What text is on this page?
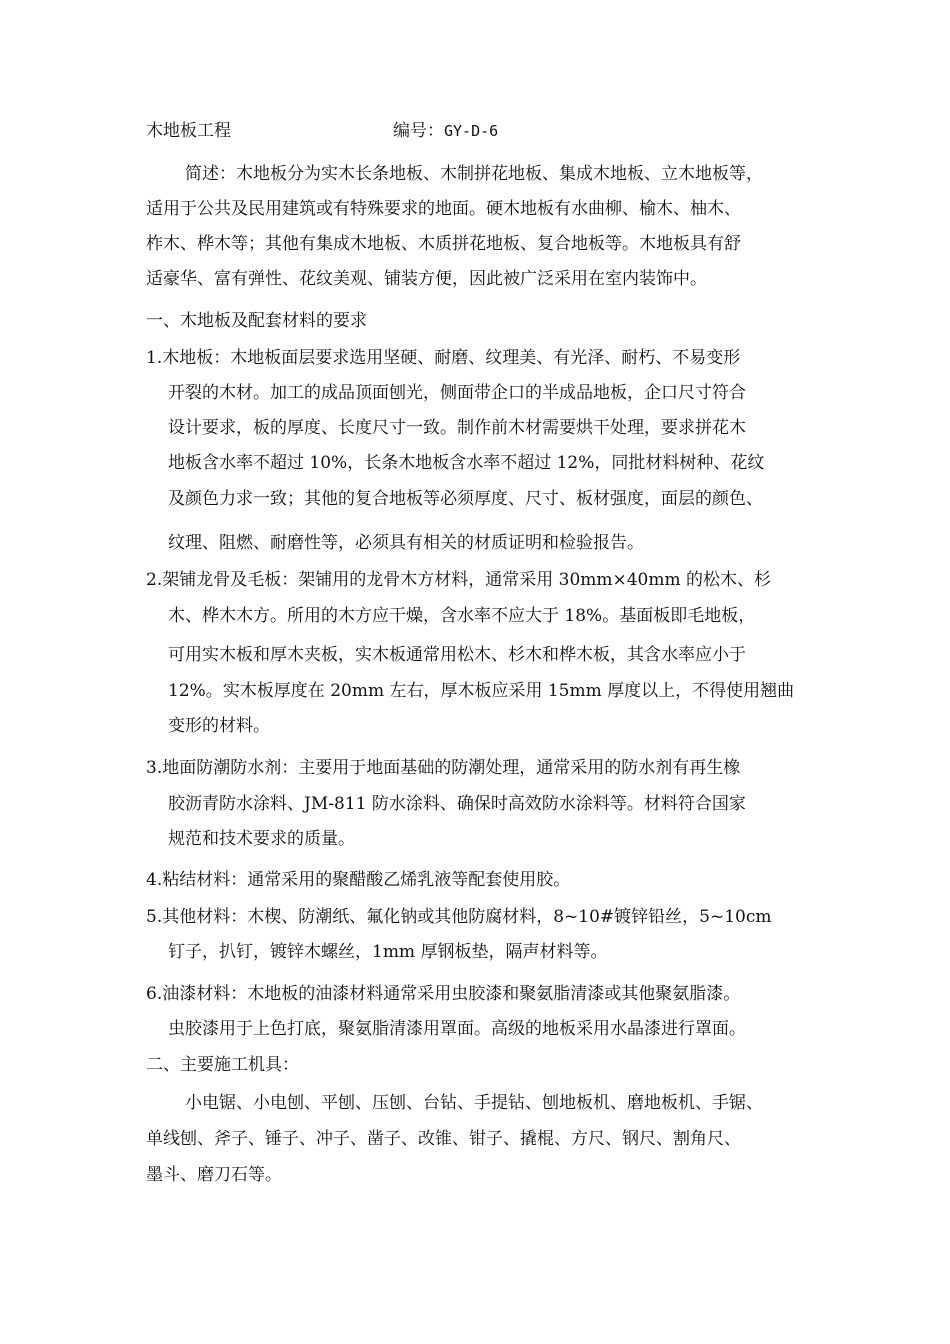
木地板工程	编号：GY-D-6
简述：木地板分为实木长条地板、木制拼花地板、集成木地板、立木地板等，
适用于公共及民用建筑或有特殊要求的地面。硬木地板有水曲柳、榆木、柚木、
柞木、桦木等；其他有集成木地板、木质拼花地板、复合地板等。木地板具有舒
适豪华、富有弹性、花纹美观、铺装方便，因此被广泛采用在室内装饰中。
一、木地板及配套材料的要求
1.木地板：木地板面层要求选用坚硬、耐磨、纹理美、有光泽、耐朽、不易变形
开裂的木材。加工的成品顶面刨光，侧面带企口的半成品地板，企口尺寸符合
设计要求，板的厚度、长度尺寸一致。制作前木材需要烘干处理，要求拼花木
地板含水率不超过 10%，长条木地板含水率不超过 12%，同批材料树种、花纹
及颜色力求一致；其他的复合地板等必须厚度、尺寸、板材强度，面层的颜色、
纹理、阻燃、耐磨性等，必须具有相关的材质证明和检验报告。
2.架铺龙骨及毛板：架铺用的龙骨木方材料，通常采用 30mm×40mm 的松木、杉
木、桦木木方。所用的木方应干燥，含水率不应大于 18%。基面板即毛地板，
可用实木板和厚木夹板，实木板通常用松木、杉木和桦木板，其含水率应小于
12%。实木板厚度在 20mm 左右，厚木板应采用 15mm 厚度以上，不得使用翘曲
变形的材料。
3.地面防潮防水剂：主要用于地面基础的防潮处理，通常采用的防水剂有再生橡
胶沥青防水涂料、JM-811 防水涂料、确保时高效防水涂料等。材料符合国家
规范和技术要求的质量。
4.粘结材料：通常采用的聚醋酸乙烯乳液等配套使用胶。
5.其他材料：木楔、防潮纸、氟化钠或其他防腐材料，8~10#镀锌铅丝，5~10cm
钉子，扒钉，镀锌木螺丝，1mm 厚钢板垫，隔声材料等。
6.油漆材料：木地板的油漆材料通常采用虫胶漆和聚氨脂清漆或其他聚氨脂漆。
虫胶漆用于上色打底，聚氨脂清漆用罩面。高级的地板采用水晶漆进行罩面。
二、主要施工机具：
小电锯、小电刨、平刨、压刨、台钻、手提钻、刨地板机、磨地板机、手锯、
单线刨、斧子、锤子、冲子、凿子、改锥、钳子、撬棍、方尺、钢尺、割角尺、
墨斗、磨刀石等。
